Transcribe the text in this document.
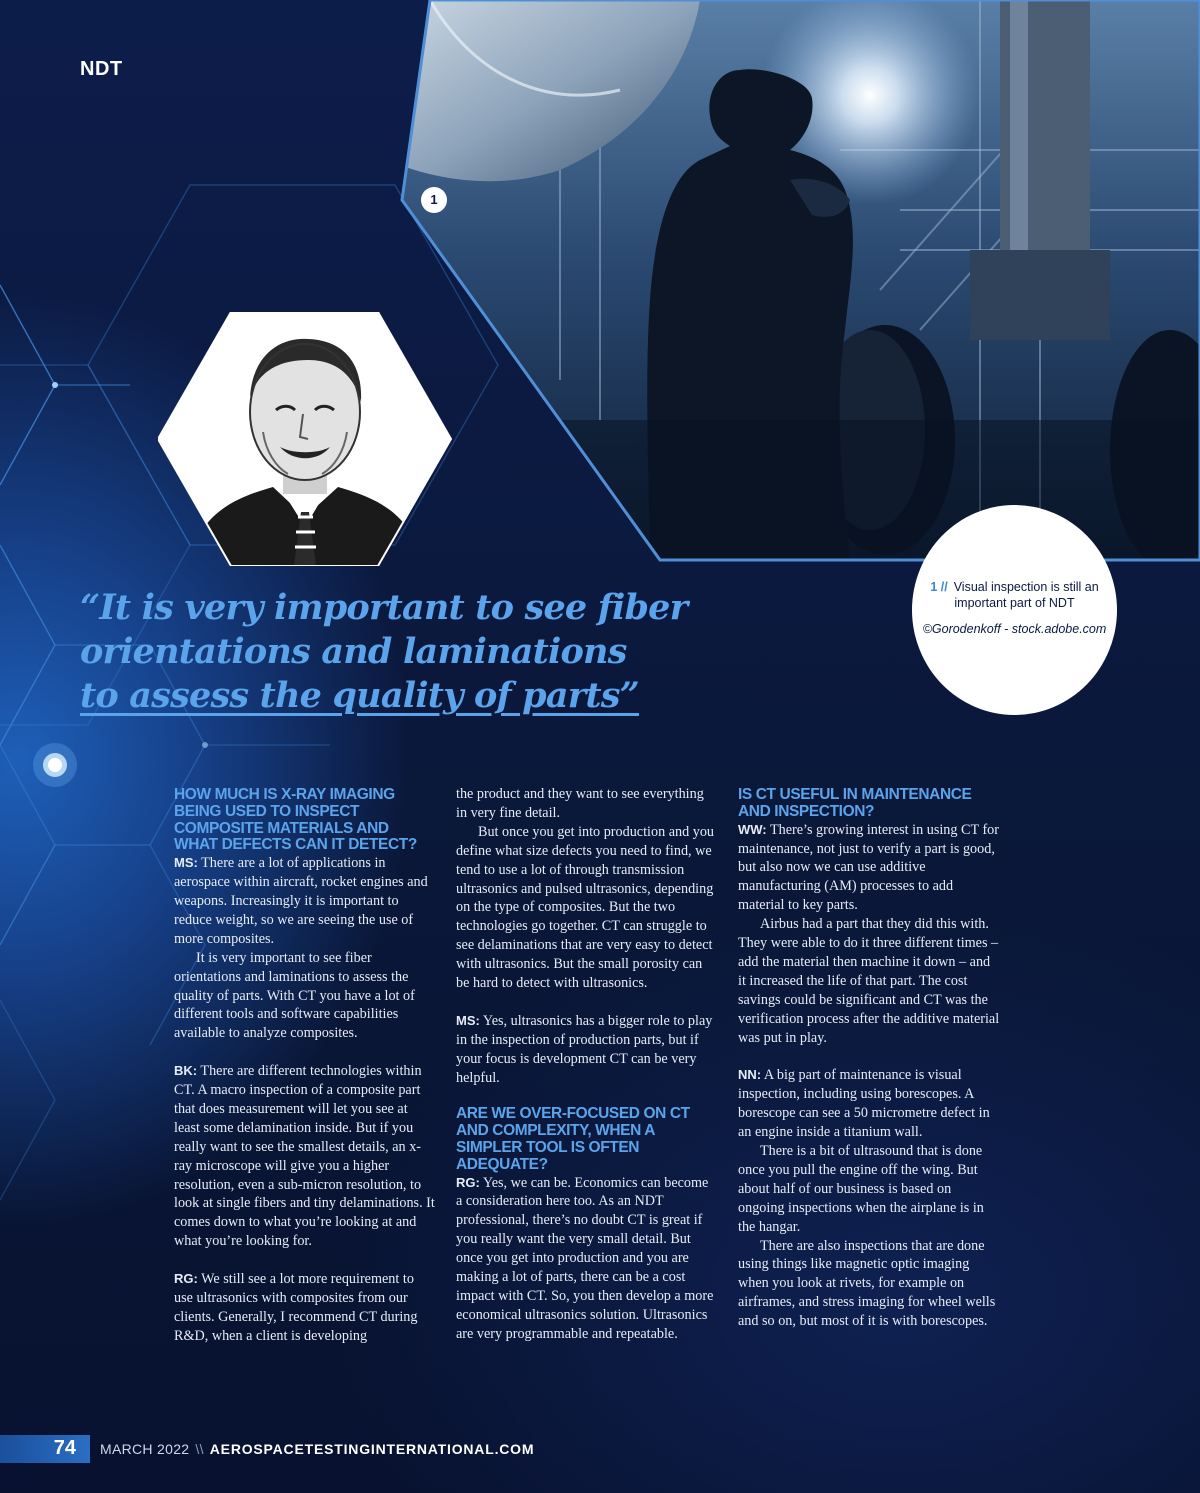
NDT
1
1 // Visual inspection is still an
important part of NDT
©Gorodenkoff - stock.adobe.com
“It is very important to see fiber
orientations and laminations
to assess the quality of parts”
HOW MUCH IS X-RAY IMAGING BEING USED TO INSPECT COMPOSITE MATERIALS AND WHAT DEFECTS CAN IT DETECT?

MS: There are a lot of applications in aerospace within aircraft, rocket engines and weapons. Increasingly it is important to reduce weight, so we are seeing the use of more composites.

It is very important to see fiber orientations and laminations to assess the quality of parts. With CT you have a lot of different tools and software capabilities available to analyze composites.

BK: There are different technologies within CT. A macro inspection of a composite part that does measurement will let you see at least some delamination inside. But if you really want to see the smallest details, an x-ray microscope will give you a higher resolution, even a sub-micron resolution, to look at single fibers and tiny delaminations. It comes down to what you’re looking at and what you’re looking for.

RG: We still see a lot more requirement to use ultrasonics with composites from our clients. Generally, I recommend CT during R&D, when a client is developing

the product and they want to see everything in very fine detail.

But once you get into production and you define what size defects you need to find, we tend to use a lot of through transmission ultrasonics and pulsed ultrasonics, depending on the type of composites. But the two technologies go together. CT can struggle to see delaminations that are very easy to detect with ultrasonics. But the small porosity can be hard to detect with ultrasonics.

MS: Yes, ultrasonics has a bigger role to play in the inspection of production parts, but if your focus is development CT can be very helpful.

ARE WE OVER-FOCUSED ON CT AND COMPLEXITY, WHEN A SIMPLER TOOL IS OFTEN ADEQUATE?

RG: Yes, we can be. Economics can become a consideration here too. As an NDT professional, there’s no doubt CT is great if you really want the very small detail. But once you get into production and you are making a lot of parts, there can be a cost impact with CT. So, you then develop a more economical ultrasonics solution. Ultrasonics are very programmable and repeatable.

IS CT USEFUL IN MAINTENANCE AND INSPECTION?

WW: There’s growing interest in using CT for maintenance, not just to verify a part is good, but also now we can use additive manufacturing (AM) processes to add material to key parts.

Airbus had a part that they did this with. They were able to do it three different times – add the material then machine it down – and it increased the life of that part. The cost savings could be significant and CT was the verification process after the additive material was put in play.

NN: A big part of maintenance is visual inspection, including using borescopes. A borescope can see a 50 micrometre defect in an engine inside a titanium wall.

There is a bit of ultrasound that is done once you pull the engine off the wing. But about half of our business is based on ongoing inspections when the airplane is in the hangar.

There are also inspections that are done using things like magnetic optic imaging when you look at rivets, for example on airframes, and stress imaging for wheel wells and so on, but most of it is with borescopes.

74 MARCH 2022 \\ AEROSPACETESTINGINTERNATIONAL.COM
